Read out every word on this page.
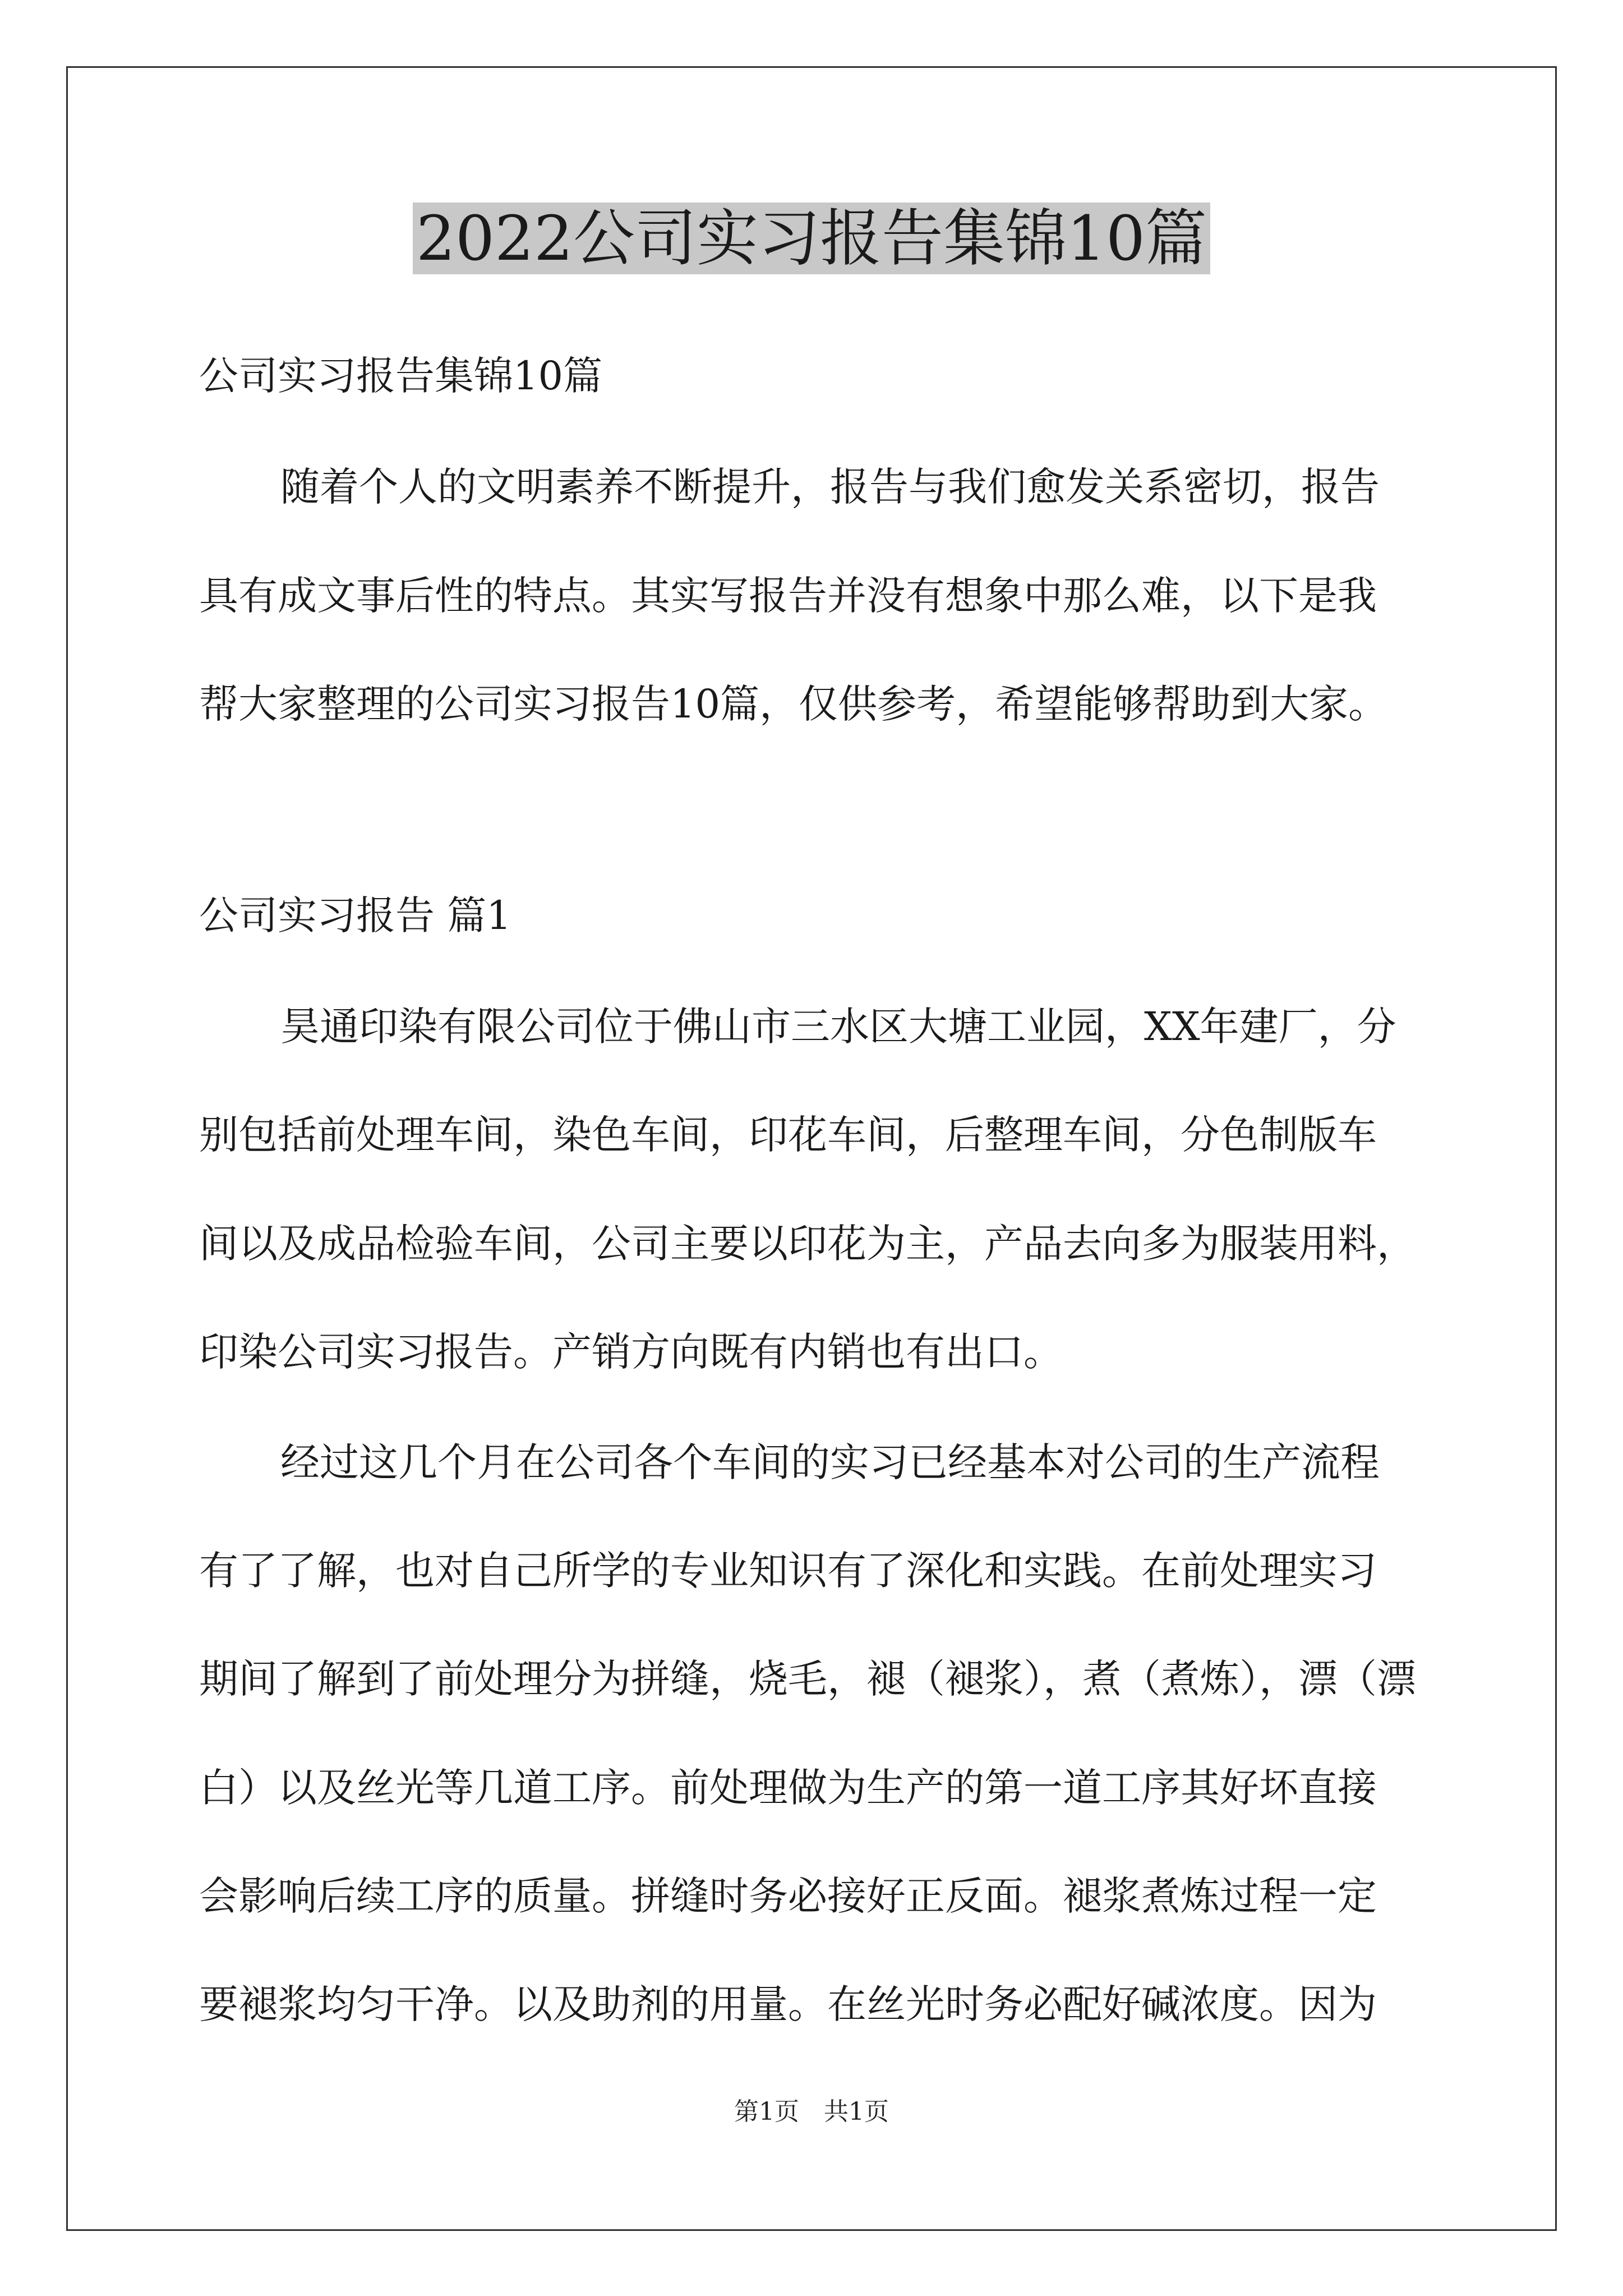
2022公司实习报告集锦10篇
公司实习报告集锦10篇
随着个人的文明素养不断提升，报告与我们愈发关系密切，报告
具有成文事后性的特点。其实写报告并没有想象中那么难，以下是我
帮大家整理的公司实习报告10篇，仅供参考，希望能够帮助到大家。
公司实习报告 篇1
昊通印染有限公司位于佛山市三水区大塘工业园，XX年建厂，分
别包括前处理车间，染色车间，印花车间，后整理车间，分色制版车
间以及成品检验车间，公司主要以印花为主，产品去向多为服装用料，
印染公司实习报告。产销方向既有内销也有出口。
经过这几个月在公司各个车间的实习已经基本对公司的生产流程
有了了解，也对自己所学的专业知识有了深化和实践。在前处理实习
期间了解到了前处理分为拼缝，烧毛，褪（褪浆），煮（煮炼），漂（漂
白）以及丝光等几道工序。前处理做为生产的第一道工序其好坏直接
会影响后续工序的质量。拼缝时务必接好正反面。褪浆煮炼过程一定
要褪浆均匀干净。以及助剂的用量。在丝光时务必配好碱浓度。因为
第1页　共1页
